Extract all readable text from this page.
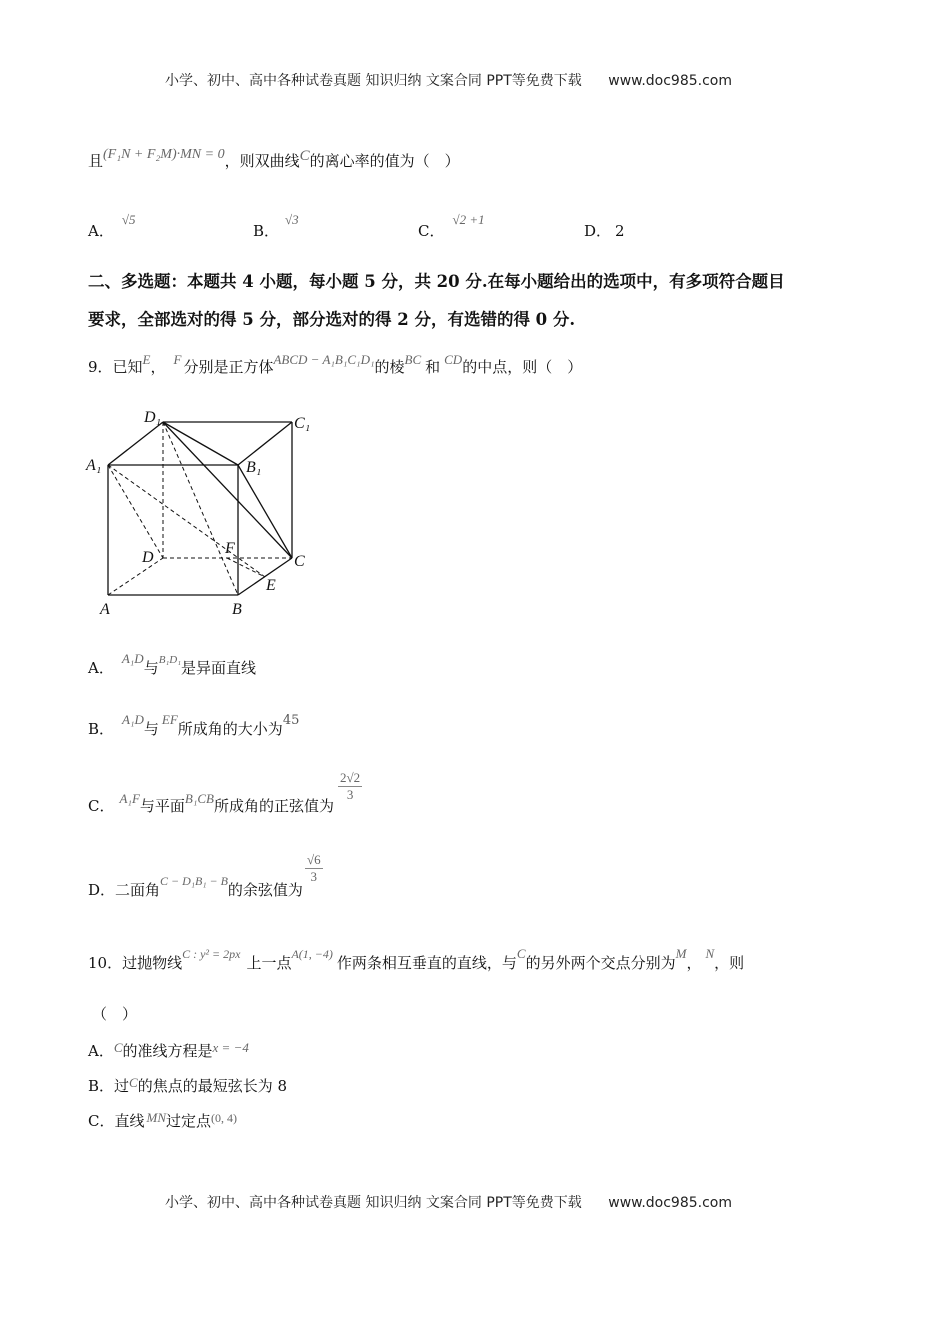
小学、初中、高中各种试卷真题 知识归纳 文案合同 PPT等免费下载 www.doc985.com
且(F₁N + F₂M)·MN = 0，则双曲线C的离心率的值为（　）
A．√5
B．√3
C．√2 +1
D． 2
二、多选题：本题共 4 小题，每小题 5 分，共 20 分.在每小题给出的选项中，有多项符合题目
要求，全部选对的得 5 分，部分选对的得 2 分，有选错的得 0 分.
9．已知E， F 分别是正方体ABCD − A₁B₁C₁D₁的棱BC 和 CD的中点，则（　）
D₁	C₁
A₁	B₁
D
F
C
E
A	B
A．A₁D与$^{B_1D_1}$是异面直线
B．A₁D与EF所成角的大小为45
C． A₁F与平面B₁CB所成角的正弦值为
$\frac{2√2}{3}$
D．二面角$_{C - D_1B_1 - B}$的余弦值为
$\frac{√6}{3}$
10．过抛物线$^{C : y^2 = 2px}$ 上一点$^{A(1, -4)}$ 作两条相互垂直的直线，与C的另外两个交点分别为M，N，则
（　）
A．C的准线方程是x = −4
B．过C的焦点的最短弦长为 8
C．直线 MN过定点$^{(0, 4)}$
小学、初中、高中各种试卷真题 知识归纳 文案合同 PPT等免费下载 www.doc985.com
